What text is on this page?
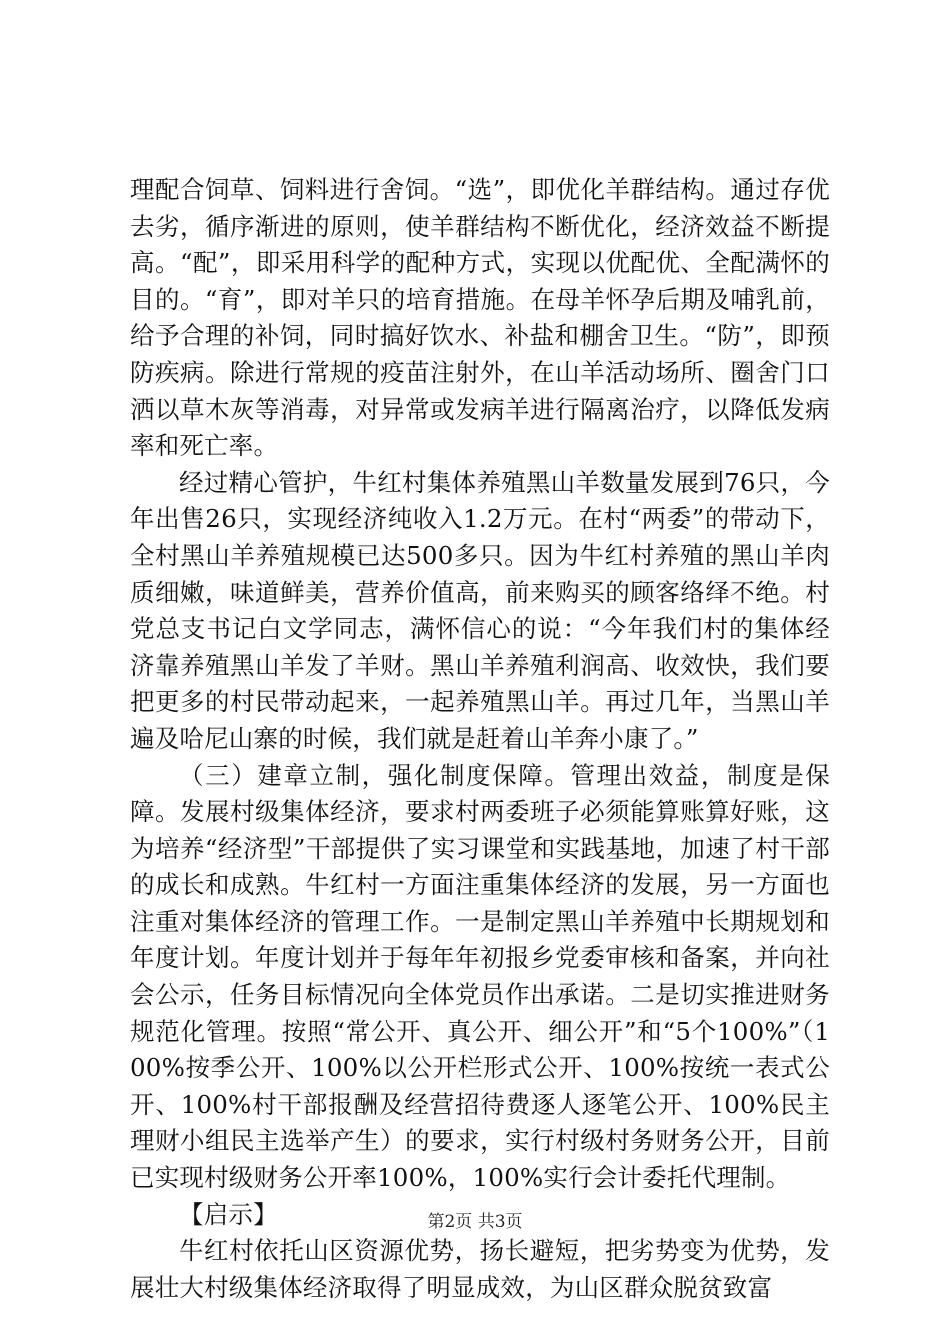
理配合饲草、饲料进行舍饲。“选”，即优化羊群结构。通过存优去劣，循序渐进的原则，使羊群结构不断优化，经济效益不断提高。“配”，即采用科学的配种方式，实现以优配优、全配满怀的目的。“育”，即对羊只的培育措施。在母羊怀孕后期及哺乳前，给予合理的补饲，同时搞好饮水、补盐和棚舍卫生。“防”，即预防疾病。除进行常规的疫苗注射外，在山羊活动场所、圈舍门口洒以草木灰等消毒，对异常或发病羊进行隔离治疗，以降低发病率和死亡率。

经过精心管护，牛红村集体养殖黑山羊数量发展到76只，今年出售26只，实现经济纯收入1.2万元。在村“两委”的带动下，全村黑山羊养殖规模已达500多只。因为牛红村养殖的黑山羊肉质细嫩，味道鲜美，营养价值高，前来购买的顾客络绎不绝。村党总支书记白文学同志，满怀信心的说：“今年我们村的集体经济靠养殖黑山羊发了羊财。黑山羊养殖利润高、收效快，我们要把更多的村民带动起来，一起养殖黑山羊。再过几年，当黑山羊遍及哈尼山寨的时候，我们就是赶着山羊奔小康了。”

（三）建章立制，强化制度保障。管理出效益，制度是保障。发展村级集体经济，要求村两委班子必须能算账算好账，这为培养“经济型”干部提供了实习课堂和实践基地，加速了村干部的成长和成熟。牛红村一方面注重集体经济的发展，另一方面也注重对集体经济的管理工作。一是制定黑山羊养殖中长期规划和年度计划。年度计划并于每年年初报乡党委审核和备案，并向社会公示，任务目标情况向全体党员作出承诺。二是切实推进财务规范化管理。按照“常公开、真公开、细公开”和“5个100%”（100%按季公开、100%以公开栏形式公开、100%按统一表式公开、100%村干部报酬及经营招待费逐人逐笔公开、100%民主理财小组民主选举产生）的要求，实行村级村务财务公开，目前已实现村级财务公开率100%，100%实行会计委托代理制。

【启示】

牛红村依托山区资源优势，扬长避短，把劣势变为优势，发展壮大村级集体经济取得了明显成效，为山区群众脱贫致富

第2页 共3页
